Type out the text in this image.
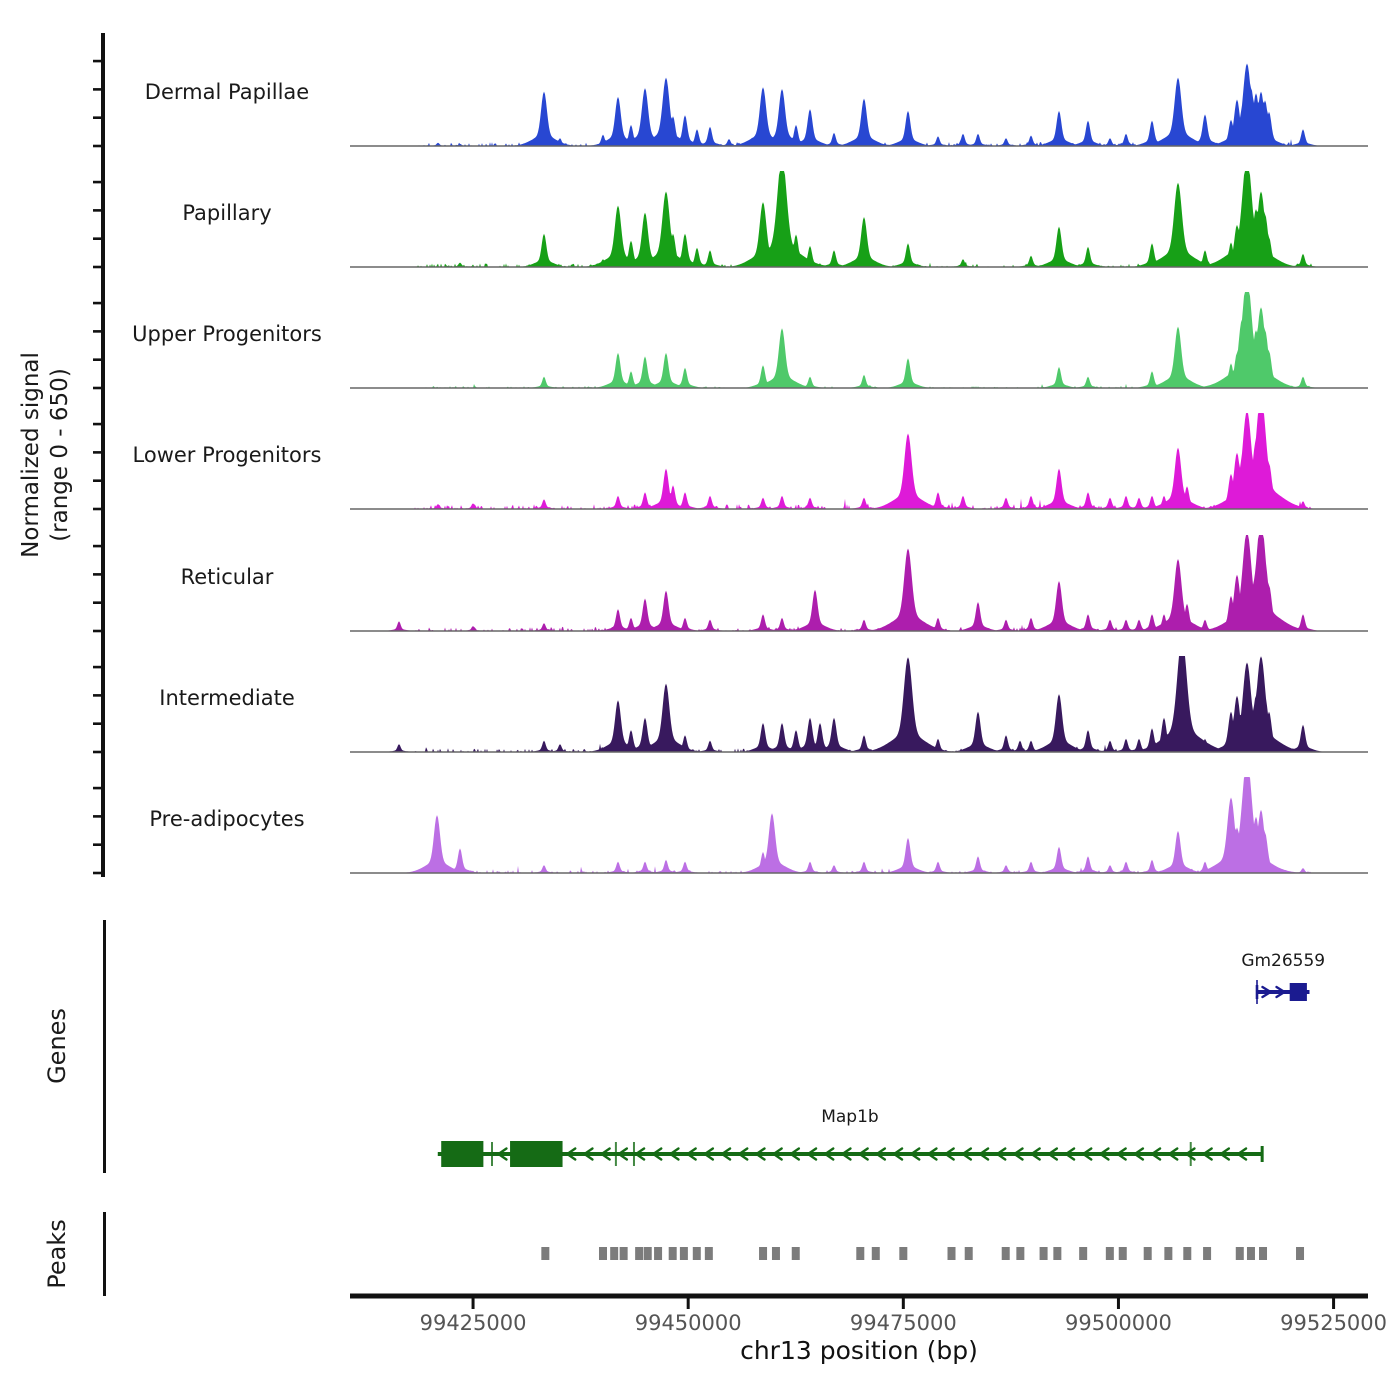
Normalized signal (range 0 - 650)
Dermal Papillae
Papillary
Upper Progenitors
Lower Progenitors
Reticular
Intermediate
Pre-adipocytes
Genes
Gm26559
Map1b
Peaks
99425000	99450000	99475000	99500000	99525000
chr13 position (bp)
